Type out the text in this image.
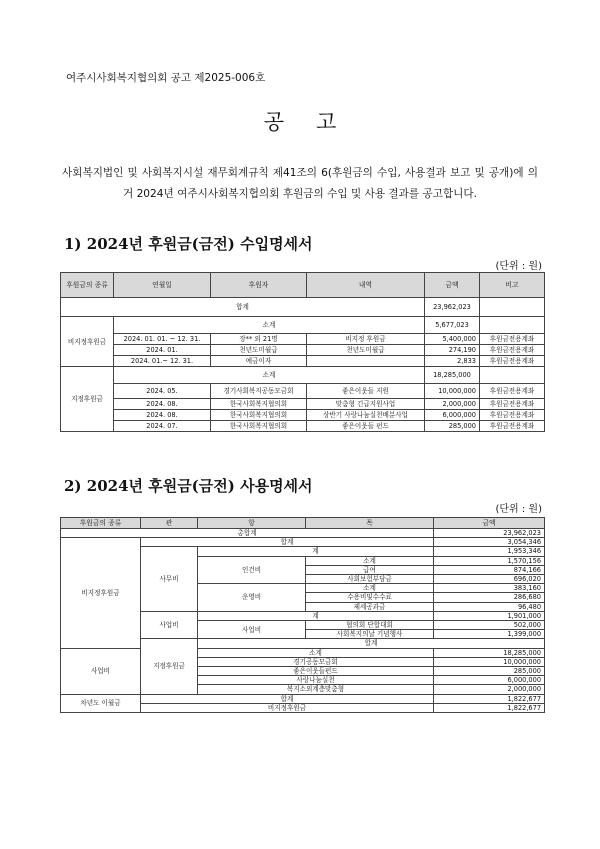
여주시사회복지협의회 공고 제2025-006호
공고
사회복지법인 및 사회복지시설 재무회계규칙 제41조의 6(후원금의 수입, 사용결과 보고 및 공개)에 의거 2024년 여주시사회복지협의회 후원금의 수입 및 사용 결과를 공고합니다.
1) 2024년 후원금(금전) 수입명세서
(단위 : 원)
후원금의 종류	연월일	후원자	내역	금액	비고
합계				23,962,023	
비지정후원금	소계			5,677,023	
	2024. 01. 01. ~ 12. 31.	장** 외 21명	비지정 후원금	5,400,000	후원금전용계좌
	2024. 01.	천년도미월급	천년도미월급	274,190	후원금전용계좌
	2024. 01.~ 12. 31.	예금이자		2,833	후원금전용계좌
지정후원금	소계			18,285,000	
	2024. 05.	경기사회복지공동모금회	좋은이웃들 지원	10,000,000	후원금전용계좌
	2024. 08.	한국사회복지협의회	맞춤형 긴급지원사업	2,000,000	후원금전용계좌
	2024. 08.	한국사회복지협의회	상반기 사랑나눔실천배분사업	6,000,000	후원금전용계좌
	2024. 07.	한국사회복지협의회	좋은이웃들 펀드	285,000	후원금전용계좌
2) 2024년 후원금(금전) 사용명세서
(단위 : 원)
후원금의 종류	관	항	목	금액	
총합계				23,962,023	
비지정후원금	합계			3,054,346	
	사무비	계		1,953,346	
		인건비	소계	1,570,156	
			급여	874,166	
			사회보험부담금	696,020	
		운영비	소계	383,160	
			수용비및수수료	286,680	
			제세공과금	96,480	
	사업비	계		1,901,000	
		사업비	협의회 단합대회	502,000	
			사회복지의날 기념행사	1,399,000	
	지정후원금	합계	
사업비		소계		18,285,000	
		경기공동모금회		10,000,000	
		좋은이웃들펀드		285,000	
		사랑나눔실천		6,000,000	
		복지소외계층맞춤형		2,000,000	
차년도 이월금	합계			1,822,677	
	비지정후원금			1,822,677	
